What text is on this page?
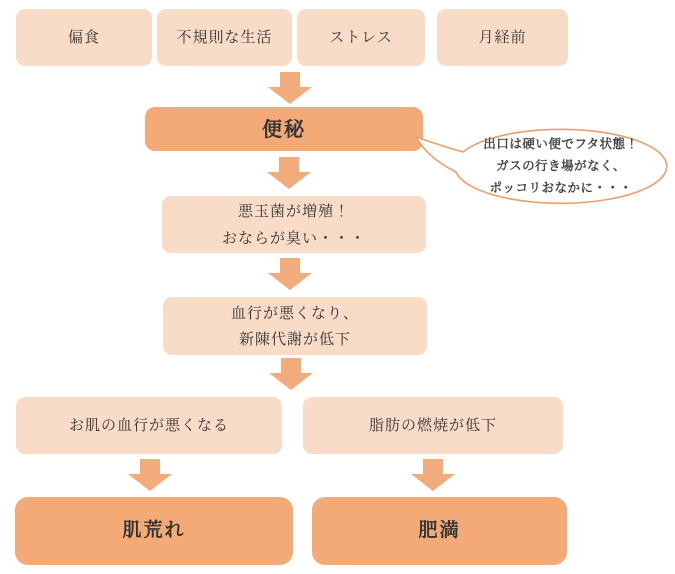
偏食	不規則な生活	ストレス	月経前
便秘
出口は硬い便でフタ状態！
ガスの行き場がなく、
ポッコリおなかに・・・
悪玉菌が増殖！
おならが臭い・・・
血行が悪くなり、
新陳代謝が低下
お肌の血行が悪くなる	脂肪の燃焼が低下
肌荒れ	肥満
